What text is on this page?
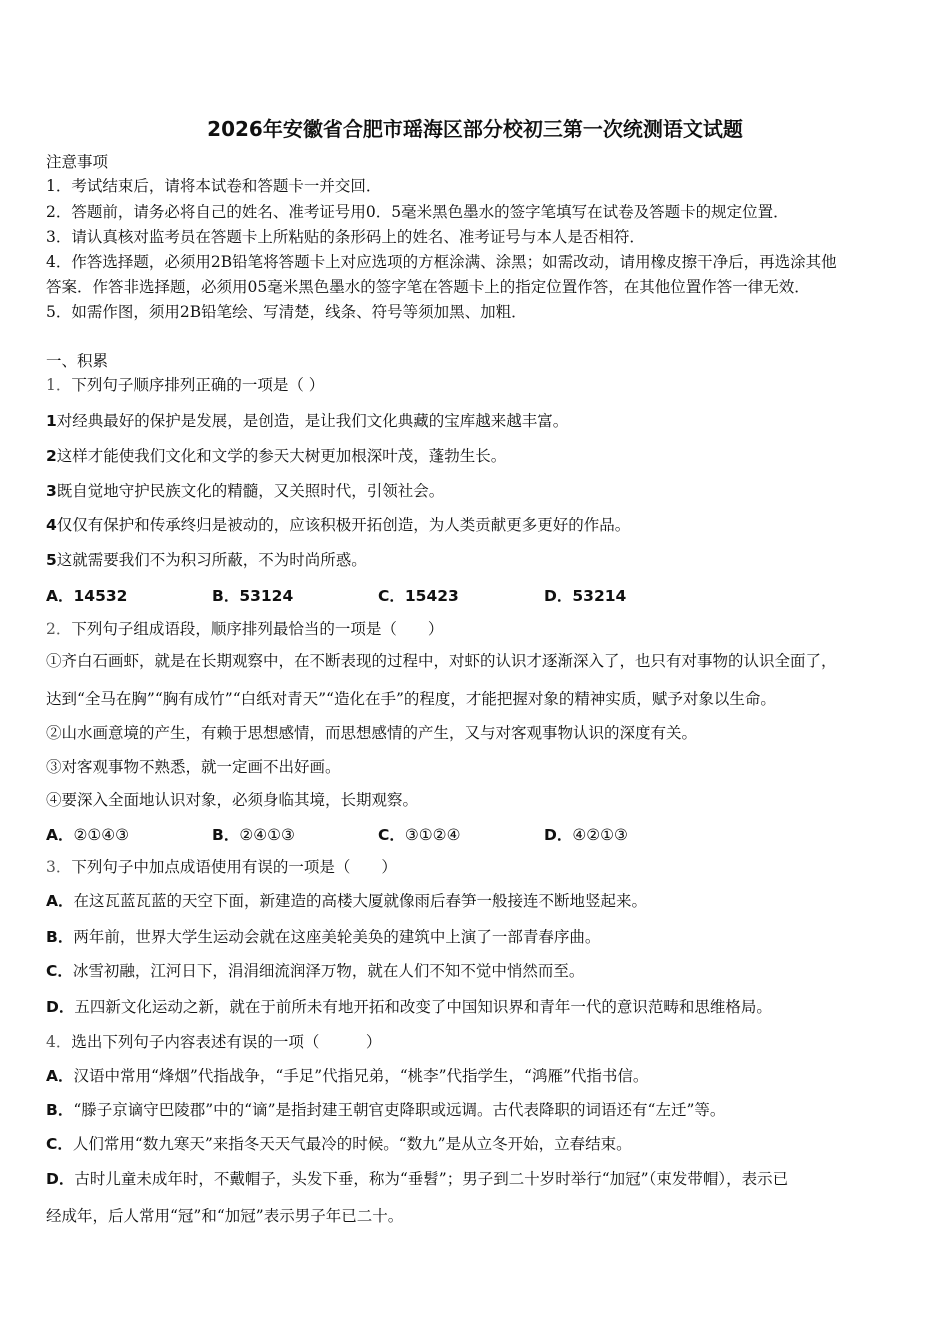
2026年安徽省合肥市瑶海区部分校初三第一次统测语文试题
注意事项
1．考试结束后，请将本试卷和答题卡一并交回．
2．答题前，请务必将自己的姓名、准考证号用0．5毫米黑色墨水的签字笔填写在试卷及答题卡的规定位置．
3．请认真核对监考员在答题卡上所粘贴的条形码上的姓名、准考证号与本人是否相符．
4．作答选择题，必须用2B铅笔将答题卡上对应选项的方框涂满、涂黑；如需改动，请用橡皮擦干净后，再选涂其他
答案．作答非选择题，必须用05毫米黑色墨水的签字笔在答题卡上的指定位置作答，在其他位置作答一律无效．
5．如需作图，须用2B铅笔绘、写清楚，线条、符号等须加黑、加粗．
一、积累
1．下列句子顺序排列正确的一项是（ ）
1对经典最好的保护是发展，是创造，是让我们文化典藏的宝库越来越丰富。
2这样才能使我们文化和文学的参天大树更加根深叶茂，蓬勃生长。
3既自觉地守护民族文化的精髓，又关照时代，引领社会。
4仅仅有保护和传承终归是被动的，应该积极开拓创造，为人类贡献更多更好的作品。
5这就需要我们不为积习所蔽，不为时尚所惑。
A．14532	B．53124	C．15423	D．53214
2．下列句子组成语段，顺序排列最恰当的一项是（　　）
①齐白石画虾，就是在长期观察中，在不断表现的过程中，对虾的认识才逐渐深入了，也只有对事物的认识全面了，
达到“全马在胸”“胸有成竹”“白纸对青天”“造化在手”的程度，才能把握对象的精神实质，赋予对象以生命。
②山水画意境的产生，有赖于思想感情，而思想感情的产生，又与对客观事物认识的深度有关。
③对客观事物不熟悉，就一定画不出好画。
④要深入全面地认识对象，必须身临其境，长期观察。
A．②①④③	B．②④①③	C．③①②④	D．④②①③
3．下列句子中加点成语使用有误的一项是（　　）
A．在这瓦蓝瓦蓝的天空下面，新建造的高楼大厦就像雨后春笋一般接连不断地竖起来。
B．两年前，世界大学生运动会就在这座美轮美奂的建筑中上演了一部青春序曲。
C．冰雪初融，江河日下，涓涓细流润泽万物，就在人们不知不觉中悄然而至。
D．五四新文化运动之新，就在于前所未有地开拓和改变了中国知识界和青年一代的意识范畴和思维格局。
4．选出下列句子内容表述有误的一项（　　　）
A．汉语中常用“烽烟”代指战争，“手足”代指兄弟，“桃李”代指学生，“鸿雁”代指书信。
B．“滕子京谪守巴陵郡”中的“谪”是指封建王朝官吏降职或远调。古代表降职的词语还有“左迁”等。
C．人们常用“数九寒天”来指冬天天气最冷的时候。“数九”是从立冬开始，立春结束。
D．古时儿童未成年时，不戴帽子，头发下垂，称为“垂髫”；男子到二十岁时举行“加冠”（束发带帽），表示已
经成年，后人常用“冠”和“加冠”表示男子年已二十。
